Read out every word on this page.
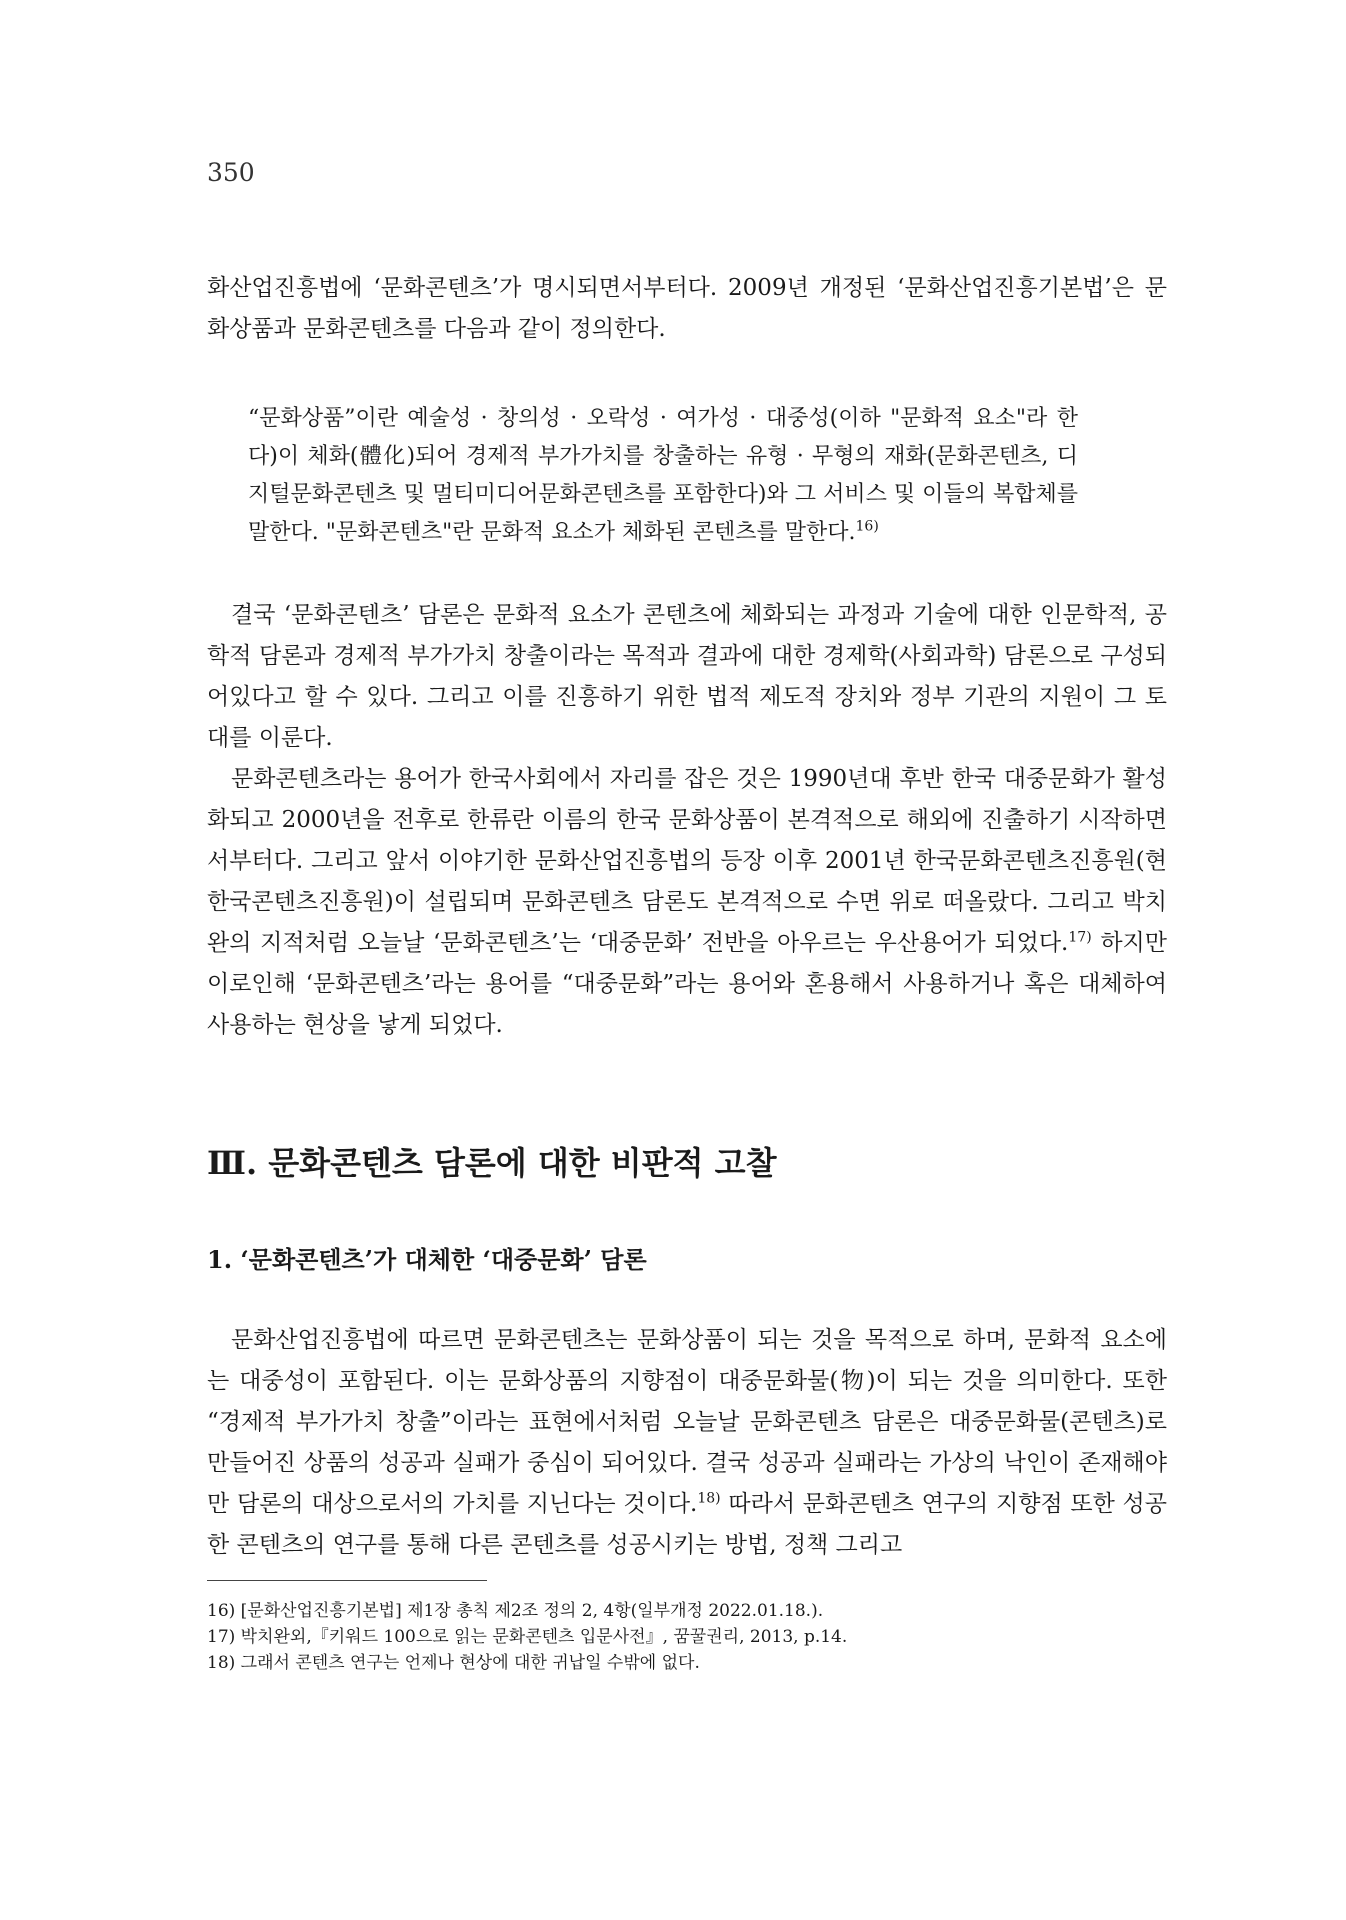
350

화산업진흥법에 ‘문화콘텐츠’가 명시되면서부터다. 2009년 개정된 ‘문화산업진흥기본법’은 문화상품과 문화콘텐츠를 다음과 같이 정의한다.

“문화상품”이란 예술성 · 창의성 · 오락성 · 여가성 · 대중성(이하 "문화적 요소"라 한다)이 체화(體化)되어 경제적 부가가치를 창출하는 유형 · 무형의 재화(문화콘텐츠, 디지털문화콘텐츠 및 멀티미디어문화콘텐츠를 포함한다)와 그 서비스 및 이들의 복합체를 말한다. "문화콘텐츠"란 문화적 요소가 체화된 콘텐츠를 말한다.$^{16)}$

결국 ‘문화콘텐츠’ 담론은 문화적 요소가 콘텐츠에 체화되는 과정과 기술에 대한 인문학적, 공학적 담론과 경제적 부가가치 창출이라는 목적과 결과에 대한 경제학(사회과학) 담론으로 구성되어있다고 할 수 있다. 그리고 이를 진흥하기 위한 법적 제도적 장치와 정부 기관의 지원이 그 토대를 이룬다.

문화콘텐츠라는 용어가 한국사회에서 자리를 잡은 것은 1990년대 후반 한국 대중문화가 활성화되고 2000년을 전후로 한류란 이름의 한국 문화상품이 본격적으로 해외에 진출하기 시작하면서부터다. 그리고 앞서 이야기한 문화산업진흥법의 등장 이후 2001년 한국문화콘텐츠진흥원(현 한국콘텐츠진흥원)이 설립되며 문화콘텐츠 담론도 본격적으로 수면 위로 떠올랐다. 그리고 박치완의 지적처럼 오늘날 ‘문화콘텐츠’는 ‘대중문화’ 전반을 아우르는 우산용어가 되었다.$^{17)}$ 하지만 이로인해 ‘문화콘텐츠’라는 용어를 “대중문화”라는 용어와 혼용해서 사용하거나 혹은 대체하여 사용하는 현상을 낳게 되었다.

Ⅲ. 문화콘텐츠 담론에 대한 비판적 고찰
1. ‘문화콘텐츠’가 대체한 ‘대중문화’ 담론

문화산업진흥법에 따르면 문화콘텐츠는 문화상품이 되는 것을 목적으로 하며, 문화적 요소에는 대중성이 포함된다. 이는 문화상품의 지향점이 대중문화물(物)이 되는 것을 의미한다. 또한 “경제적 부가가치 창출”이라는 표현에서처럼 오늘날 문화콘텐츠 담론은 대중문화물(콘텐츠)로 만들어진 상품의 성공과 실패가 중심이 되어있다. 결국 성공과 실패라는 가상의 낙인이 존재해야만 담론의 대상으로서의 가치를 지닌다는 것이다.$^{18)}$ 따라서 문화콘텐츠 연구의 지향점 또한 성공한 콘텐츠의 연구를 통해 다른 콘텐츠를 성공시키는 방법, 정책 그리고

16) [문화산업진흥기본법] 제1장 총칙 제2조 정의 2, 4항(일부개정 2022.01.18.).
17) 박치완외,『키워드 100으로 읽는 문화콘텐츠 입문사전』, 꿈꿀권리, 2013, p.14.
18) 그래서 콘텐츠 연구는 언제나 현상에 대한 귀납일 수밖에 없다.
